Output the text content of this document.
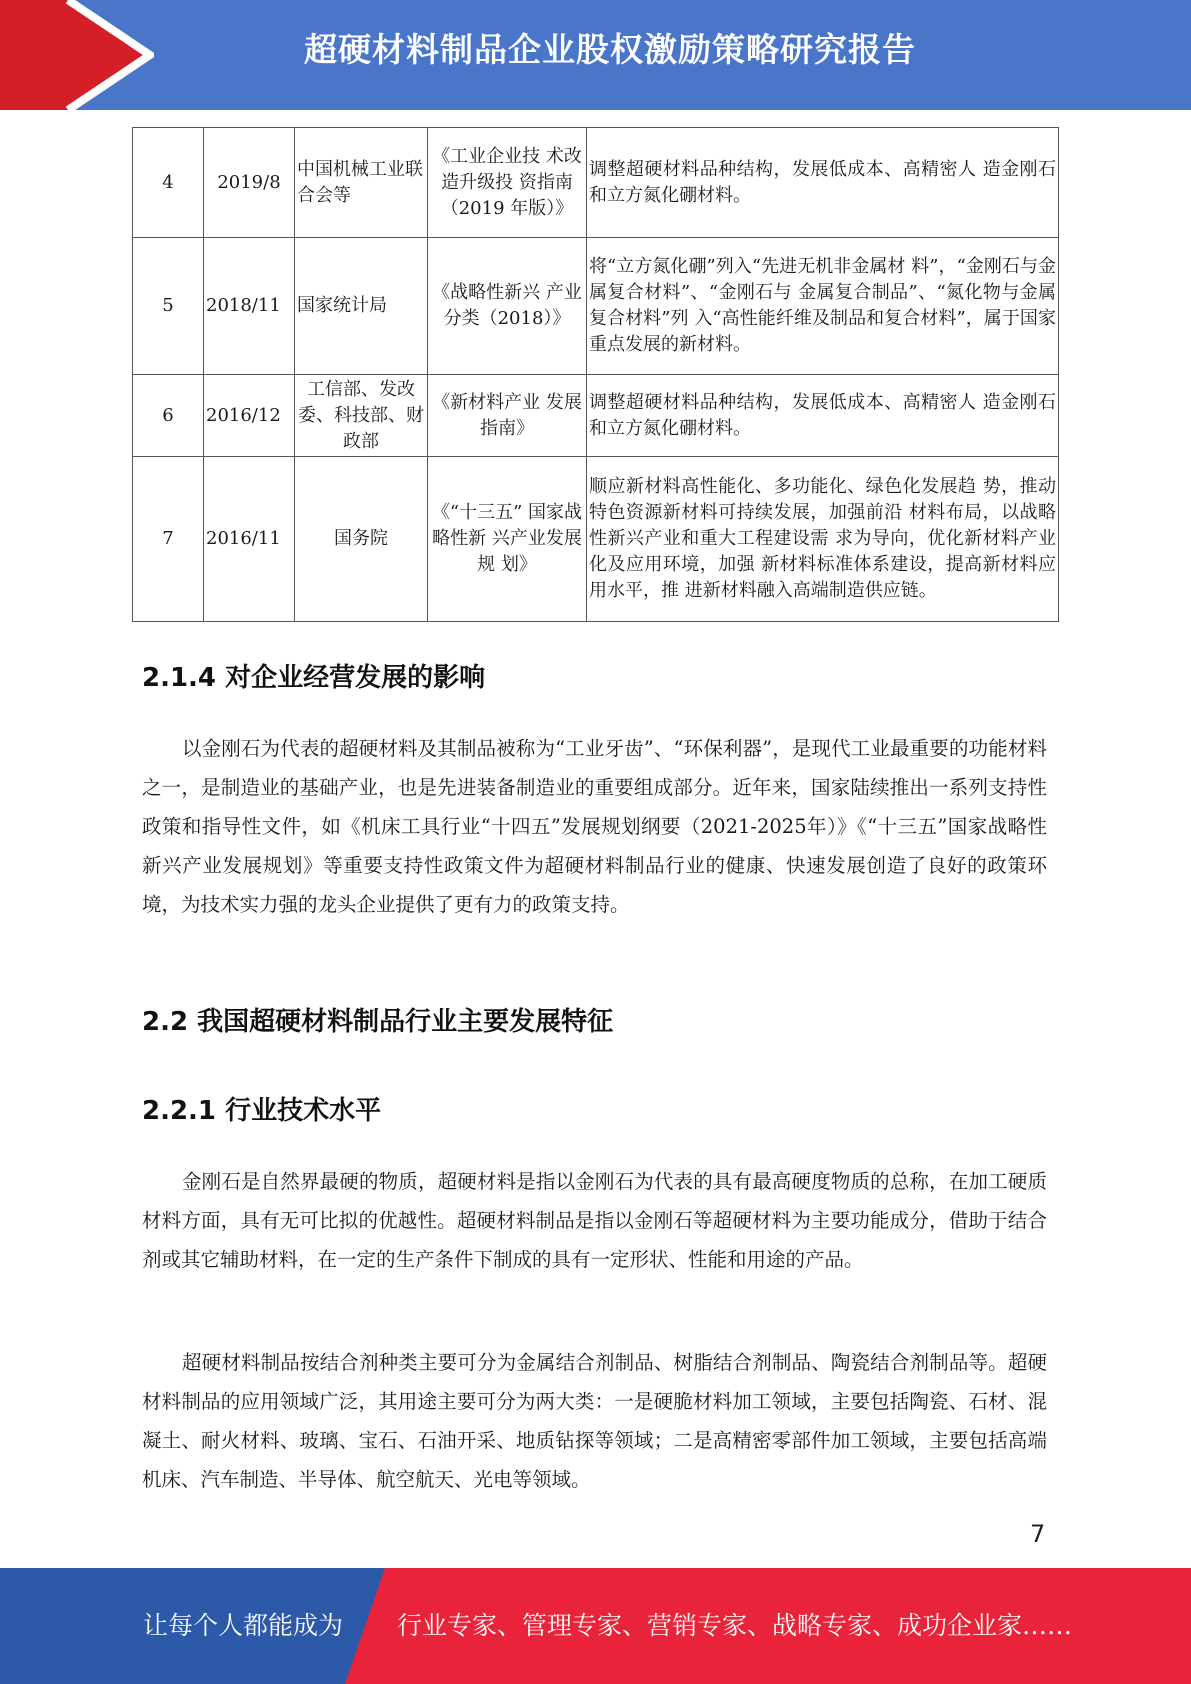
超硬材料制品企业股权激励策略研究报告
4	2019/8	中国机械工业联合会等	《工业企业技 术改造升级投 资指南（2019 年版）》	调整超硬材料品种结构，发展低成本、高精密人 造金刚石和立方氮化硼材料。
5	2018/11	国家统计局	《战略性新兴 产业分类（2018）》	将“立方氮化硼”列入“先进无机非金属材 料”，“金刚石与金属复合材料”、“金刚石与 金属复合制品”、“氮化物与金属复合材料”列 入“高性能纤维及制品和复合材料”，属于国家 重点发展的新材料。
6	2016/12	工信部、发改委、科技部、财政部	《新材料产业 发展指南》	调整超硬材料品种结构，发展低成本、高精密人 造金刚石和立方氮化硼材料。
7	2016/11	国务院	《“十三五” 国家战略性新 兴产业发展规 划》	顺应新材料高性能化、多功能化、绿色化发展趋 势，推动特色资源新材料可持续发展，加强前沿 材料布局，以战略性新兴产业和重大工程建设需 求为导向，优化新材料产业化及应用环境，加强 新材料标准体系建设，提高新材料应用水平，推 进新材料融入高端制造供应链。
2.1.4 对企业经营发展的影响
以金刚石为代表的超硬材料及其制品被称为“工业牙齿”、“环保利器”，是现代工业最重要的功能材料之一，是制造业的基础产业，也是先进装备制造业的重要组成部分。近年来，国家陆续推出一系列支持性政策和指导性文件，如《机床工具行业“十四五”发展规划纲要（2021-2025年）》《“十三五”国家战略性新兴产业发展规划》等重要支持性政策文件为超硬材料制品行业的健康、快速发展创造了良好的政策环境，为技术实力强的龙头企业提供了更有力的政策支持。
2.2 我国超硬材料制品行业主要发展特征
2.2.1 行业技术水平
金刚石是自然界最硬的物质，超硬材料是指以金刚石为代表的具有最高硬度物质的总称，在加工硬质材料方面，具有无可比拟的优越性。超硬材料制品是指以金刚石等超硬材料为主要功能成分，借助于结合剂或其它辅助材料，在一定的生产条件下制成的具有一定形状、性能和用途的产品。
超硬材料制品按结合剂种类主要可分为金属结合剂制品、树脂结合剂制品、陶瓷结合剂制品等。超硬材料制品的应用领域广泛，其用途主要可分为两大类：一是硬脆材料加工领域，主要包括陶瓷、石材、混凝土、耐火材料、玻璃、宝石、石油开采、地质钻探等领域；二是高精密零部件加工领域，主要包括高端机床、汽车制造、半导体、航空航天、光电等领域。
7
让每个人都能成为 行业专家、管理专家、营销专家、战略专家、成功企业家……
